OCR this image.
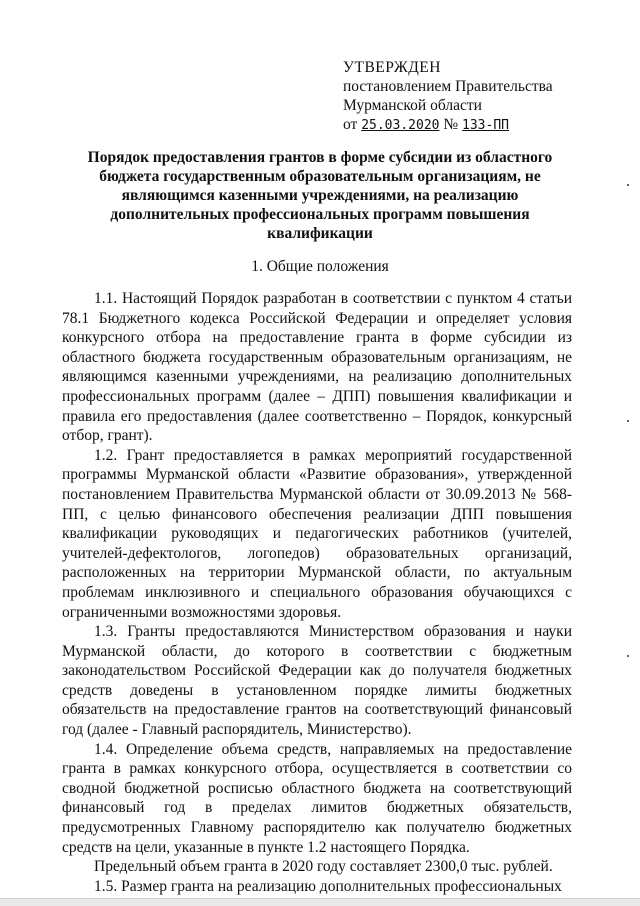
УТВЕРЖДЕН
постановлением Правительства
Мурманской области
от 25.03.2020 № 133-ПП
Порядок предоставления грантов в форме субсидии из областного бюджета государственным образовательным организациям, не являющимся казенными учреждениями, на реализацию дополнительных профессиональных программ повышения квалификации
1. Общие положения

1.1. Настоящий Порядок разработан в соответствии с пунктом 4 статьи 78.1 Бюджетного кодекса Российской Федерации и определяет условия конкурсного отбора на предоставление гранта в форме субсидии из областного бюджета государственным образовательным организациям, не являющимся казенными учреждениями, на реализацию дополнительных профессиональных программ (далее – ДПП) повышения квалификации и правила его предоставления (далее соответственно – Порядок, конкурсный отбор, грант).

1.2. Грант предоставляется в рамках мероприятий государственной программы Мурманской области «Развитие образования», утвержденной постановлением Правительства Мурманской области от 30.09.2013 № 568-ПП, с целью финансового обеспечения реализации ДПП повышения квалификации руководящих и педагогических работников (учителей, учителей-дефектологов, логопедов) образовательных организаций, расположенных на территории Мурманской области, по актуальным проблемам инклюзивного и специального образования обучающихся с ограниченными возможностями здоровья.

1.3. Гранты предоставляются Министерством образования и науки Мурманской области, до которого в соответствии с бюджетным законодательством Российской Федерации как до получателя бюджетных средств доведены в установленном порядке лимиты бюджетных обязательств на предоставление грантов на соответствующий финансовый год (далее - Главный распорядитель, Министерство).

1.4. Определение объема средств, направляемых на предоставление гранта в рамках конкурсного отбора, осуществляется в соответствии со сводной бюджетной росписью областного бюджета на соответствующий финансовый год в пределах лимитов бюджетных обязательств, предусмотренных Главному распорядителю как получателю бюджетных средств на цели, указанные в пункте 1.2 настоящего Порядка.

Предельный объем гранта в 2020 году составляет 2300,0 тыс. рублей.

1.5. Размер гранта на реализацию дополнительных профессиональных
